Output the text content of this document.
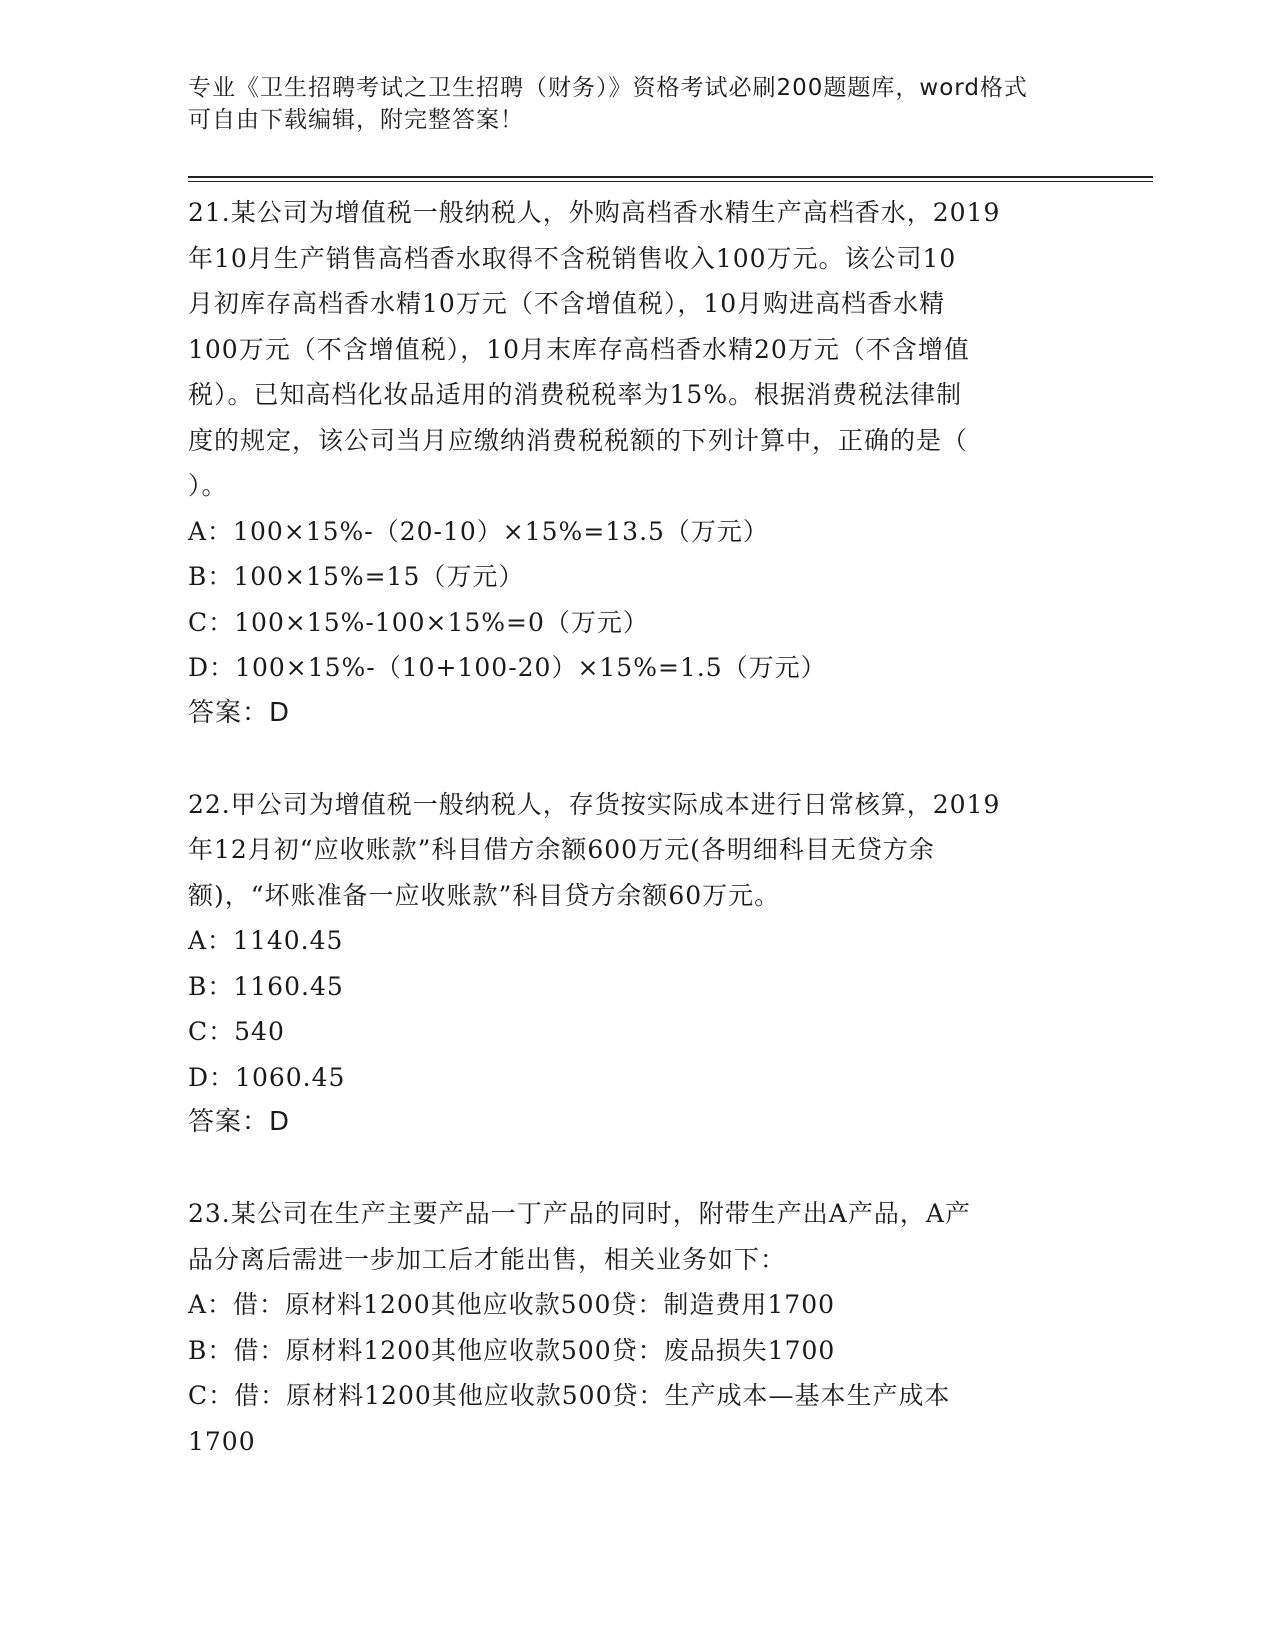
专业《卫生招聘考试之卫生招聘（财务）》资格考试必刷200题题库，word格式

可自由下载编辑，附完整答案！

21.某公司为增值税一般纳税人，外购高档香水精生产高档香水，2019

年10月生产销售高档香水取得不含税销售收入100万元。该公司10

月初库存高档香水精10万元（不含增值税），10月购进高档香水精

100万元（不含增值税），10月末库存高档香水精20万元（不含增值

税）。已知高档化妆品适用的消费税税率为15%。根据消费税法律制

度的规定，该公司当月应缴纳消费税税额的下列计算中，正确的是（

）。

A：100×15%-（20-10）×15%=13.5（万元）

B：100×15%=15（万元）

C：100×15%-100×15%=0（万元）

D：100×15%-（10+100-20）×15%=1.5（万元）

答案：D

22.甲公司为增值税一般纳税人，存货按实际成本进行日常核算，2019

年12月初“应收账款”科目借方余额600万元(各明细科目无贷方余

额)，“坏账准备一应收账款”科目贷方余额60万元。

A：1140.45

B：1160.45

C：540

D：1060.45

答案：D

23.某公司在生产主要产品一丁产品的同时，附带生产出A产品，A产

品分离后需进一步加工后才能出售，相关业务如下：

A：借：原材料1200其他应收款500贷：制造费用1700

B：借：原材料1200其他应收款500贷：废品损失1700

C：借：原材料1200其他应收款500贷：生产成本—基本生产成本

1700
